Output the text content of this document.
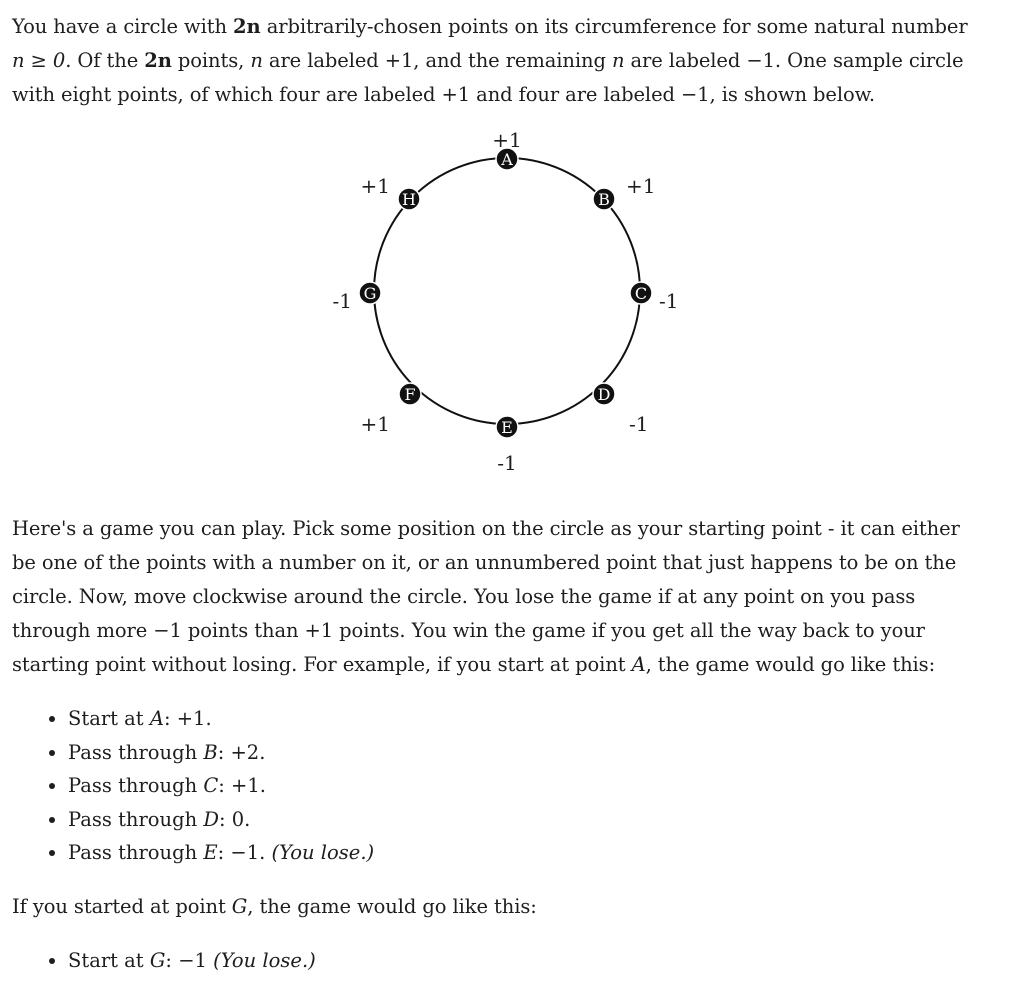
You have a circle with 2n arbitrarily-chosen points on its circumference for some natural number
n ≥ 0. Of the 2n points, n are labeled +1, and the remaining n are labeled −1. One sample circle
with eight points, of which four are labeled +1 and four are labeled −1, is shown below.

A
+1
B
+1
C -1
D
-1
E
-1
F
+1
G
-1
H
+1

Here's a game you can play. Pick some position on the circle as your starting point - it can either
be one of the points with a number on it, or an unnumbered point that just happens to be on the
circle. Now, move clockwise around the circle. You lose the game if at any point on you pass
through more −1 points than +1 points. You win the game if you get all the way back to your
starting point without losing. For example, if you start at point A, the game would go like this:

• Start at A: +1.
• Pass through B: +2.
• Pass through C: +1.
• Pass through D: 0.
• Pass through E: −1. (You lose.)

If you started at point G, the game would go like this:

• Start at G: −1 (You lose.)
